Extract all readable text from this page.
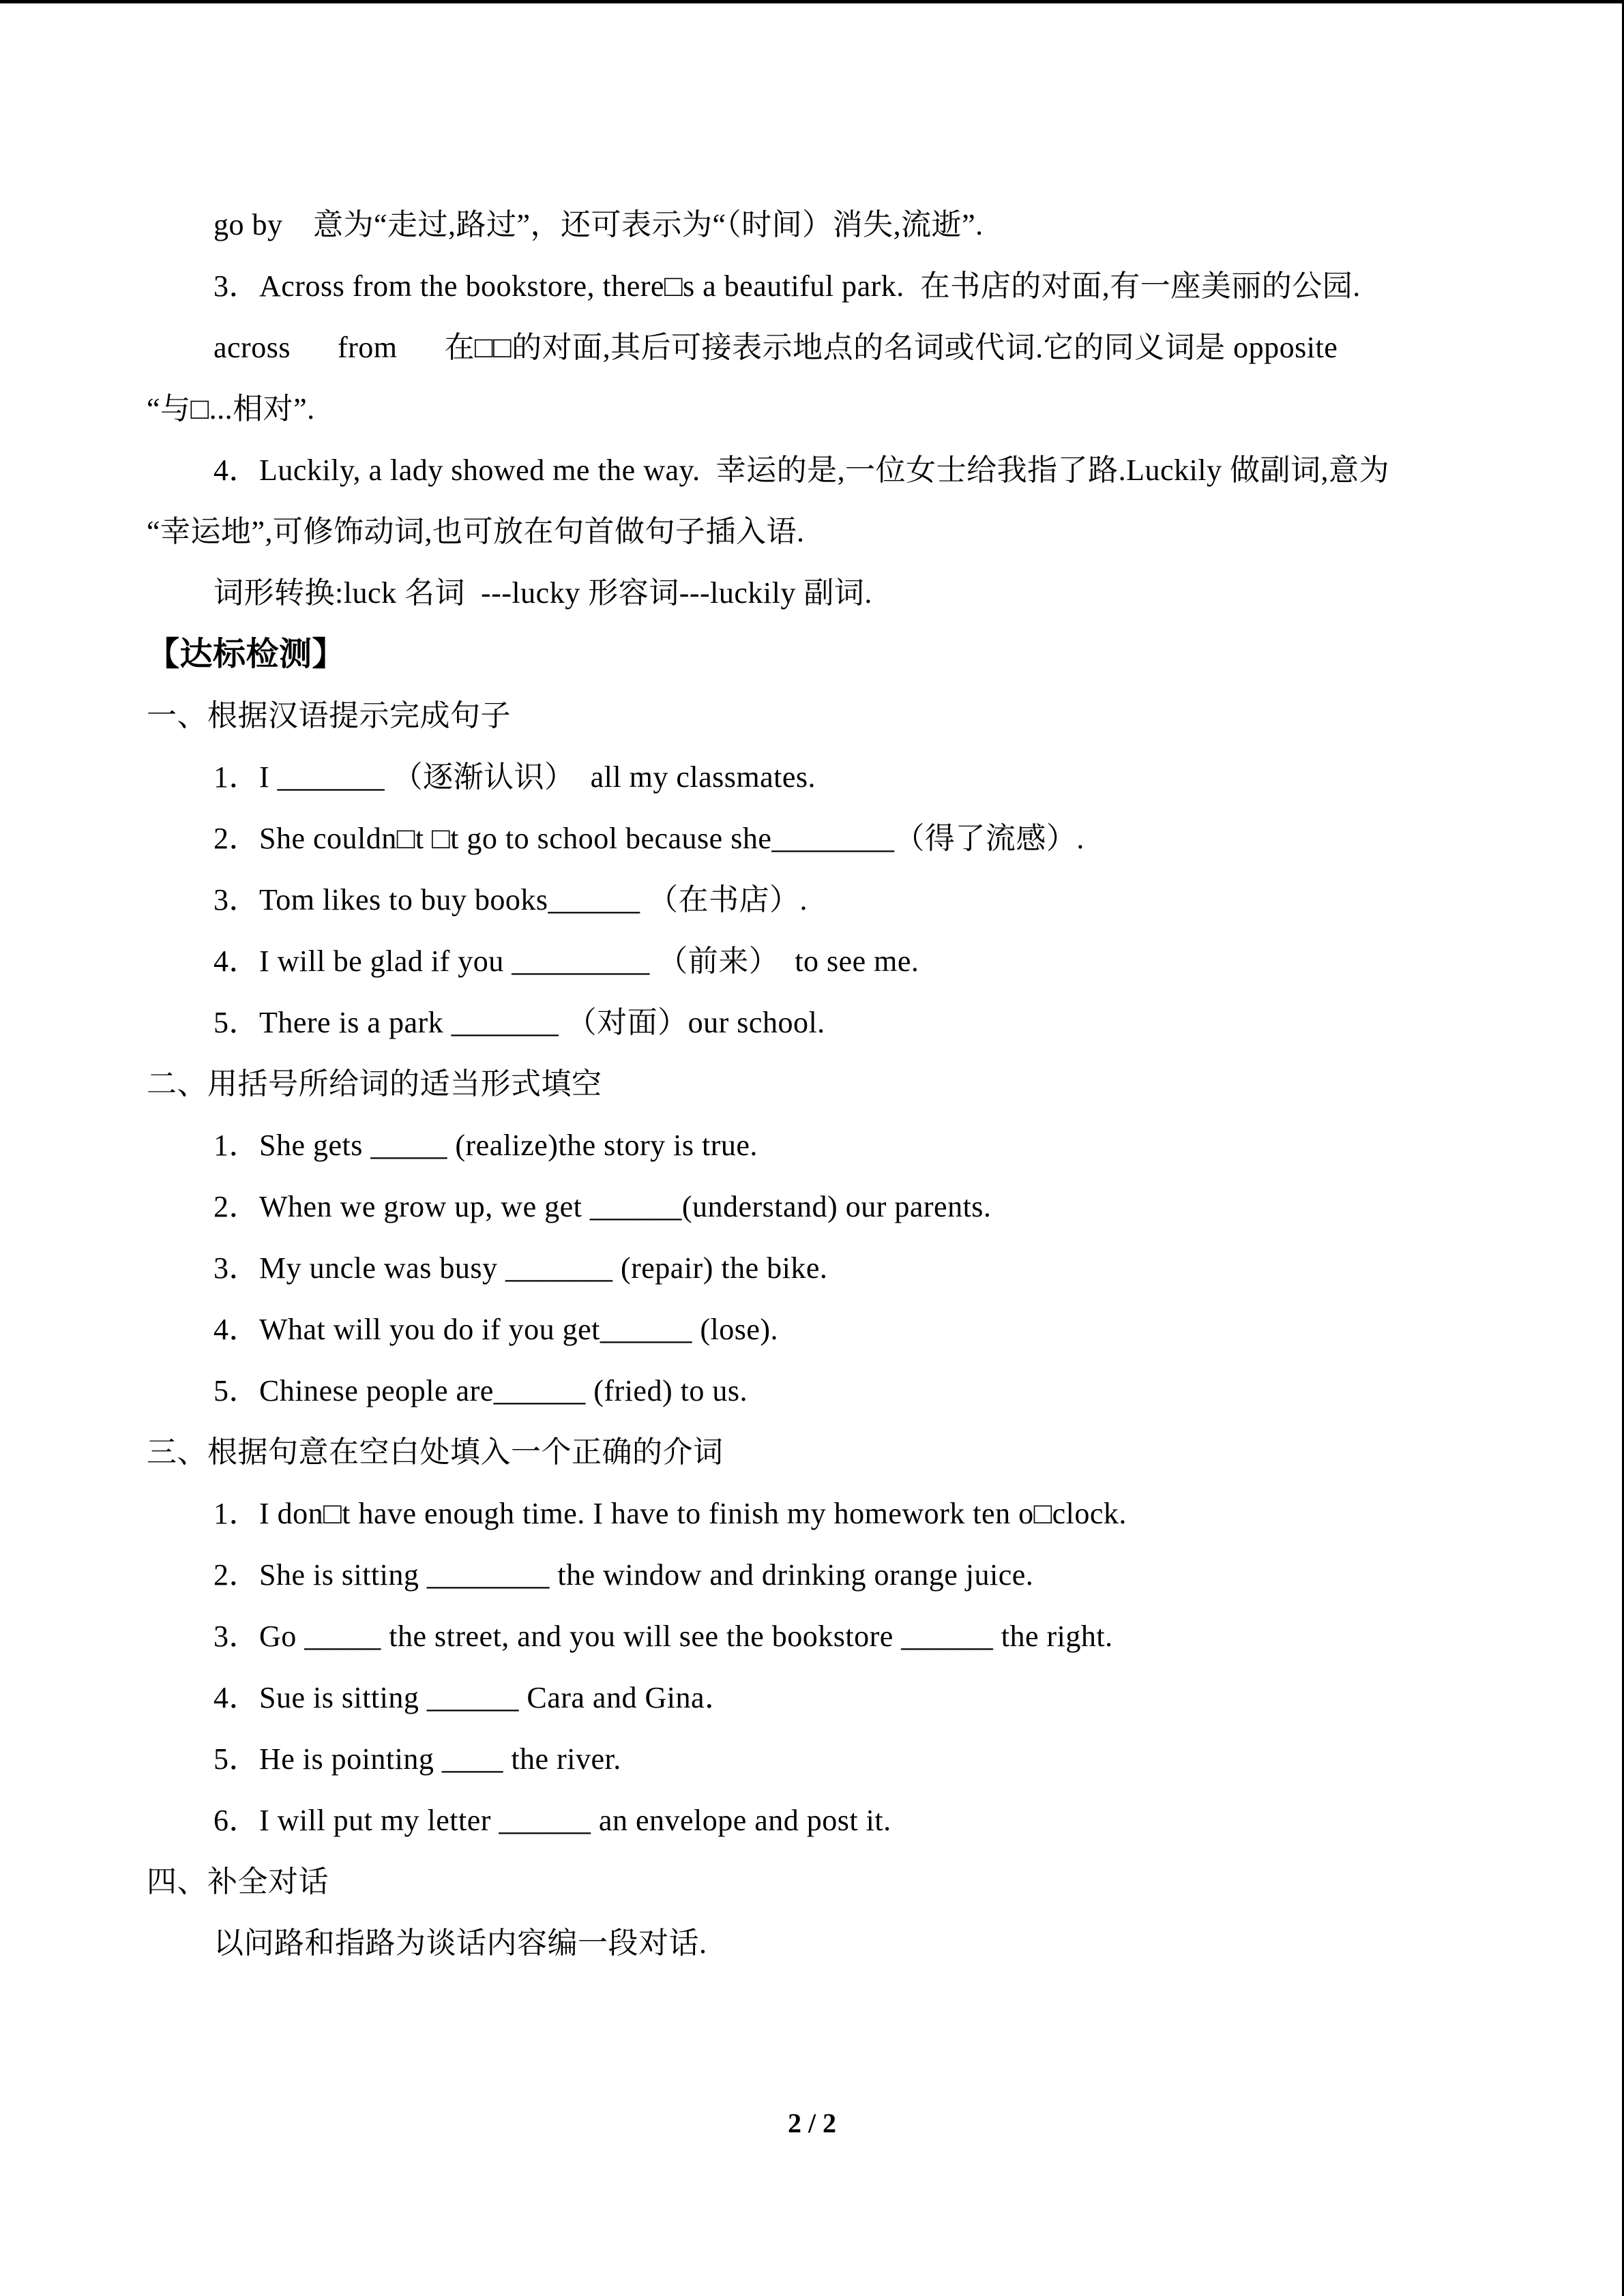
go by　意为“走过,路过”，还可表示为“（时间）消失,流逝”.

3．Across from the bookstore, there□s a beautiful park.  在书店的对面,有一座美丽的公园.

across      from      在□□的对面,其后可接表示地点的名词或代词.它的同义词是 opposite

“与□...相对”.

4．Luckily, a lady showed me the way.  幸运的是,一位女士给我指了路.Luckily 做副词,意为

“幸运地”,可修饰动词,也可放在句首做句子插入语.

词形转换:luck 名词  ---lucky 形容词---luckily 副词.

【达标检测】

一、根据汉语提示完成句子

1．I _______ （逐渐认识）  all my classmates.

2．She couldn□t □t go to school because she________（得了流感）.

3．Tom likes to buy books______ （在书店）.

4．I will be glad if you _________ （前来）  to see me.

5．There is a park _______ （对面）our school.

二、用括号所给词的适当形式填空

1．She gets _____ (realize)the story is true.

2．When we grow up, we get ______(understand) our parents.

3．My uncle was busy _______ (repair) the bike.

4．What will you do if you get______ (lose).

5．Chinese people are______ (fried) to us.

三、根据句意在空白处填入一个正确的介词

1．I don□t have enough time. I have to finish my homework ten o□clock.

2．She is sitting ________ the window and drinking orange juice.

3．Go _____ the street, and you will see the bookstore ______ the right.

4．Sue is sitting ______ Cara and Gina．

5．He is pointing ____ the river.

6．I will put my letter ______ an envelope and post it.

四、补全对话

以问路和指路为谈话内容编一段对话.

2 / 2
